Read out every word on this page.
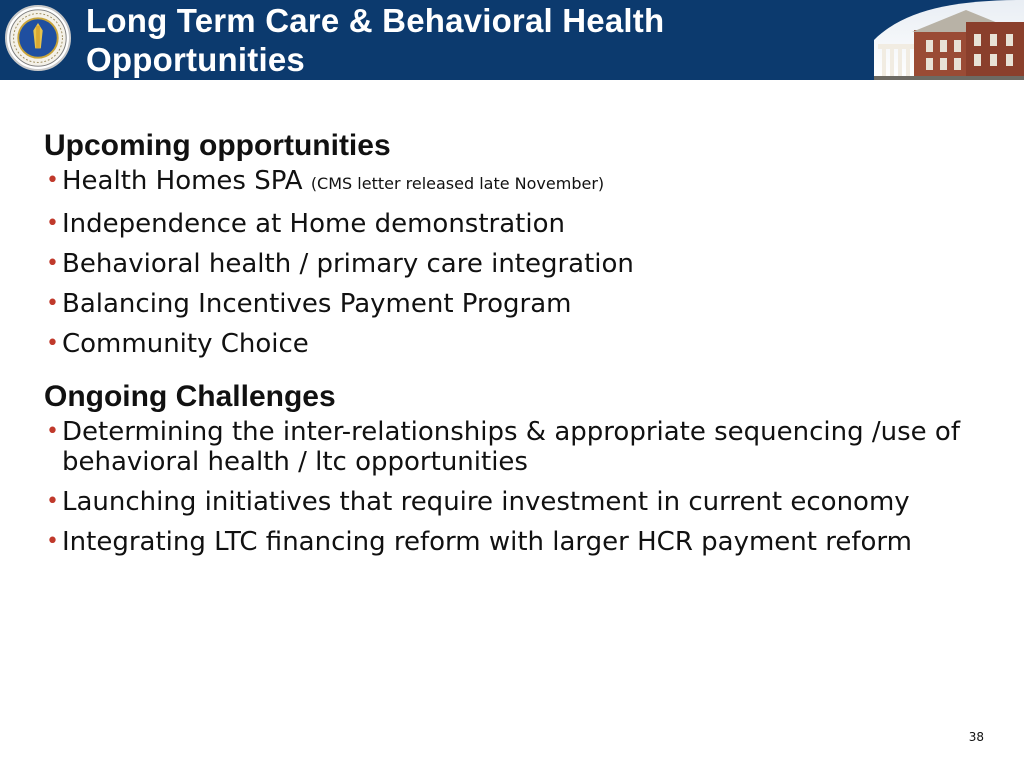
Long Term Care & Behavioral Health
Opportunities
Upcoming opportunities
• Health Homes SPA (CMS letter released late November)
• Independence at Home demonstration
• Behavioral health / primary care integration
• Balancing Incentives Payment Program
• Community Choice
Ongoing Challenges
• Determining the inter-relationships & appropriate sequencing /use of behavioral health / ltc opportunities
• Launching initiatives that require investment in current economy
• Integrating LTC financing reform with larger HCR payment reform
38
